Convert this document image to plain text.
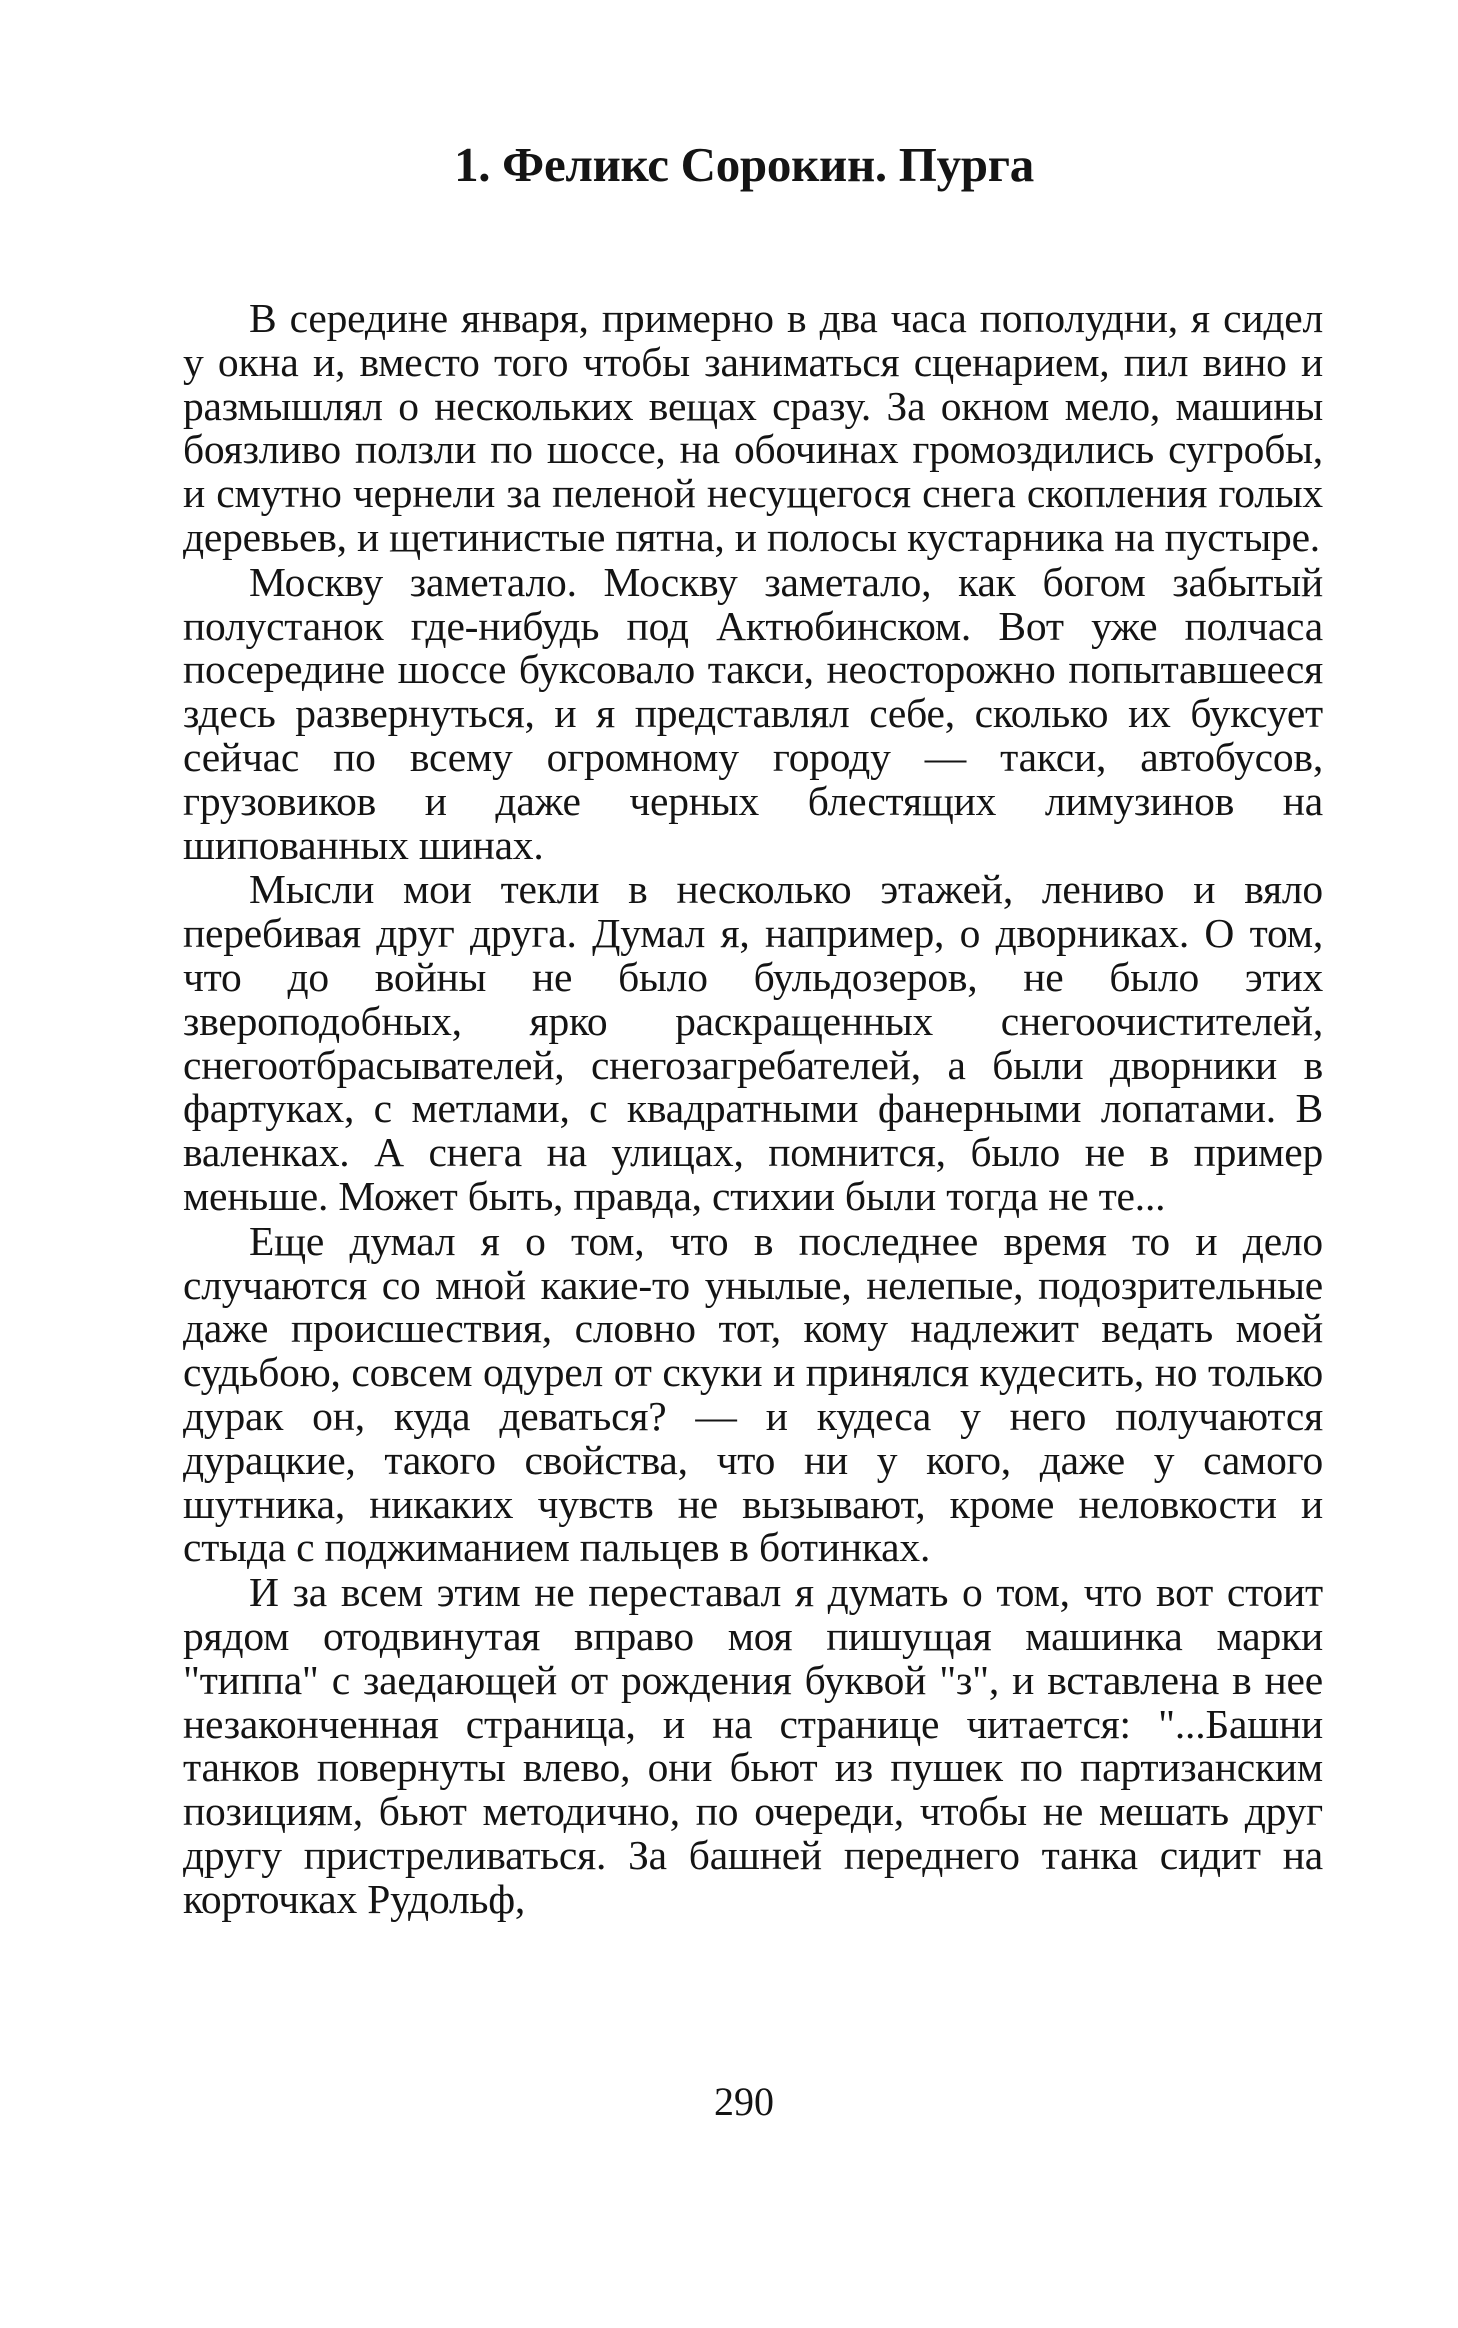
1. Феликс Сорокин. Пурга

В середине января, примерно в два часа пополудни, я сидел у окна и, вместо того чтобы заниматься сценарием, пил вино и размышлял о нескольких вещах сразу. За окном мело, машины боязливо ползли по шоссе, на обочинах громоздились сугробы, и смутно чернели за пеленой несущегося снега скопления голых деревьев, и щетинистые пятна, и полосы кустарника на пустыре.

Москву заметало. Москву заметало, как богом забытый полустанок где-нибудь под Актюбинском. Вот уже полчаса посередине шоссе буксовало такси, неосторожно попытавшееся здесь развернуться, и я представлял себе, сколько их буксует сейчас по всему огромному городу — такси, автобусов, грузовиков и даже черных блестящих лимузинов на шипованных шинах.

Мысли мои текли в несколько этажей, лениво и вяло перебивая друг друга. Думал я, например, о дворниках. О том, что до войны не было бульдозеров, не было этих звероподобных, ярко раскращенных снегоочистителей, снегоотбрасывателей, снегозагребателей, а были дворники в фартуках, с метлами, с квадратными фанерными лопатами. В валенках. А снега на улицах, помнится, было не в пример меньше. Может быть, правда, стихии были тогда не те...

Еще думал я о том, что в последнее время то и дело случаются со мной какие-то унылые, нелепые, подозрительные даже происшествия, словно тот, кому надлежит ведать моей судьбою, совсем одурел от скуки и принялся кудесить, но только дурак он, куда деваться? — и кудеса у него получаются дурацкие, такого свойства, что ни у кого, даже у самого шутника, никаких чувств не вызывают, кроме неловкости и стыда с поджиманием пальцев в ботинках.

И за всем этим не переставал я думать о том, что вот стоит рядом отодвинутая вправо моя пишущая машинка марки "типпа" с заедающей от рождения буквой "з", и вставлена в нее незаконченная страница, и на странице читается: "...Башни танков повернуты влево, они бьют из пушек по партизанским позициям, бьют методично, по очереди, чтобы не мешать друг другу пристреливаться. За башней переднего танка сидит на корточках Рудольф,

290
